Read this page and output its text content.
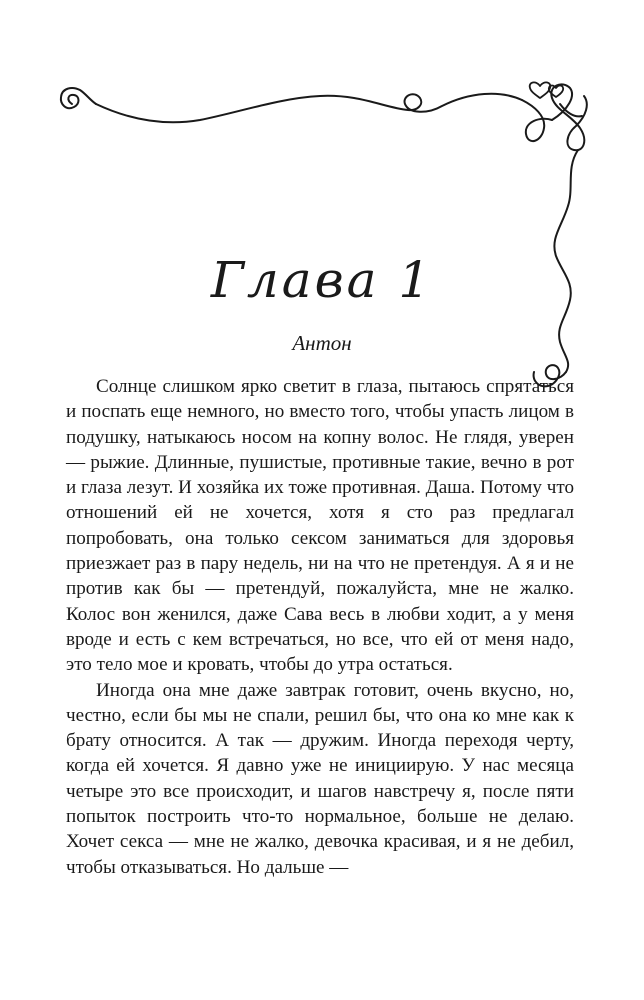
Глава 1
Антон

Солнце слишком ярко светит в глаза, пытаюсь спрятаться и поспать еще немного, но вместо того, чтобы упасть лицом в подушку, натыкаюсь носом на копну волос. Не глядя, уверен — рыжие. Длинные, пушистые, противные такие, вечно в рот и глаза лезут. И хозяйка их тоже противная. Даша. Потому что отношений ей не хочется, хотя я сто раз предлагал попробовать, она только сексом заниматься для здоровья приезжает раз в пару недель, ни на что не претендуя. А я и не против как бы — претендуй, пожалуйста, мне не жалко. Колос вон женился, даже Сава весь в любви ходит, а у меня вроде и есть с кем встречаться, но все, что ей от меня надо, это тело мое и кровать, чтобы до утра остаться.

Иногда она мне даже завтрак готовит, очень вкусно, но, честно, если бы мы не спали, решил бы, что она ко мне как к брату относится. А так — дружим. Иногда переходя черту, когда ей хочется. Я давно уже не инициирую. У нас месяца четыре это все происходит, и шагов навстречу я, после пяти попыток построить что-то нормальное, больше не делаю. Хочет секса — мне не жалко, девочка красивая, и я не дебил, чтобы отказываться. Но дальше —
